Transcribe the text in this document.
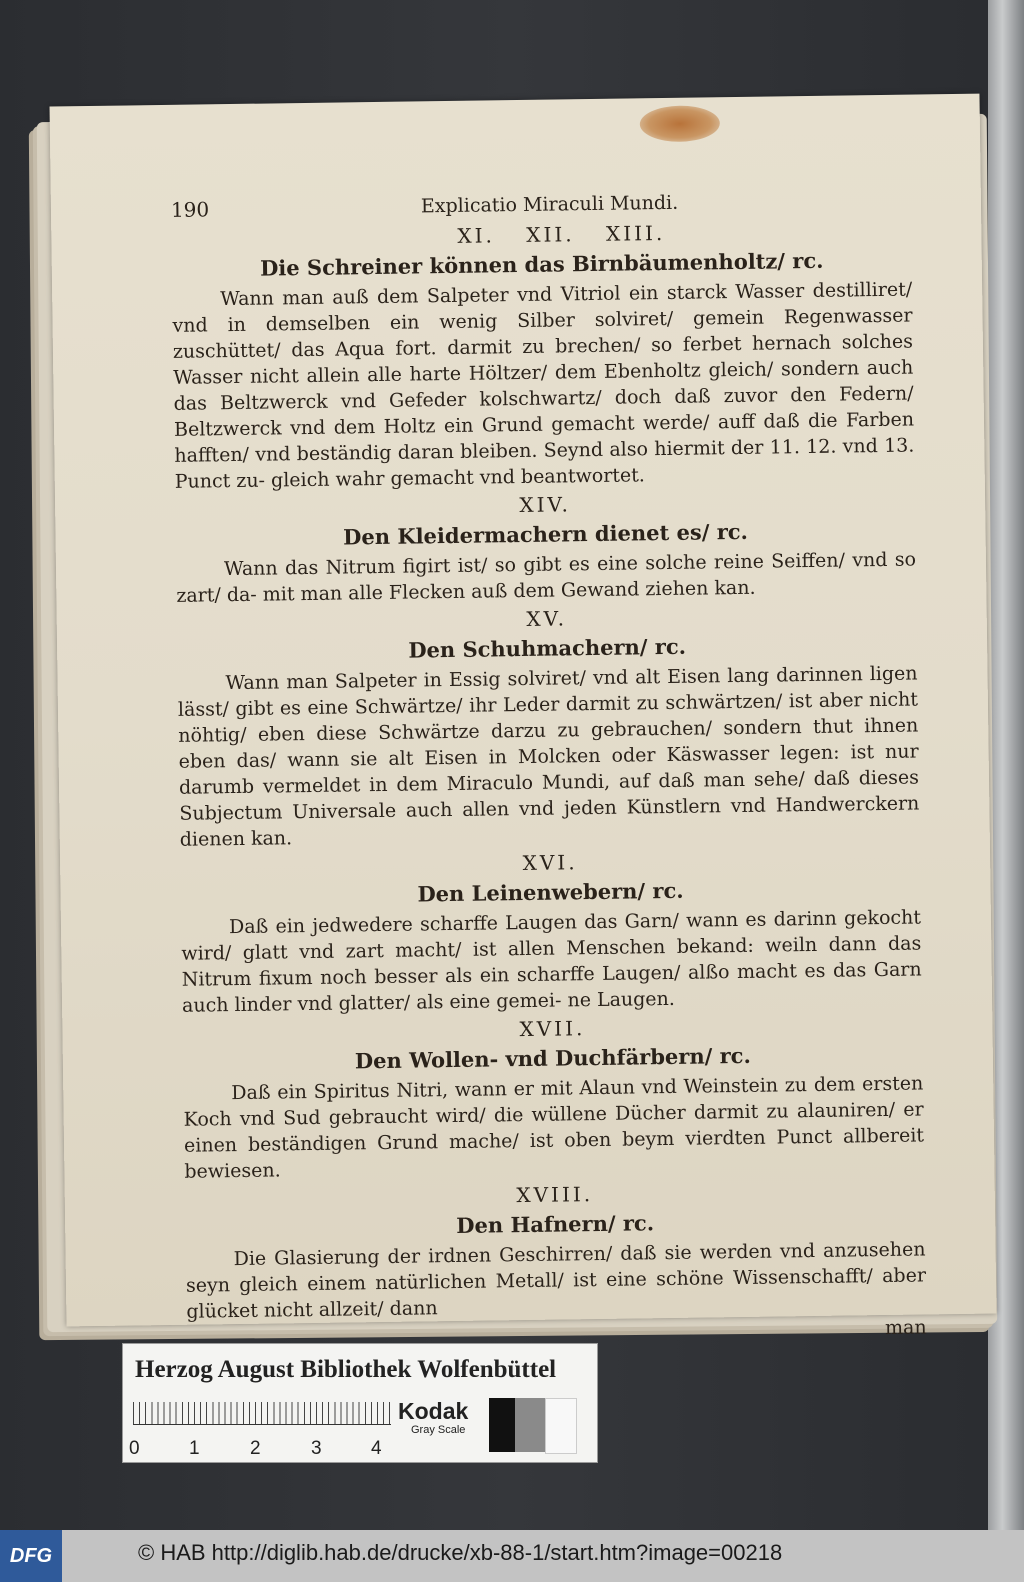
190	Explicatio Miraculi Mundi.
XI. XII. XIII.
Die Schreiner können das Birnbäumenholtz/ rc.

Wann man auß dem Salpeter vnd Vitriol ein starck Wasser destilliret/ vnd in demselben ein wenig Silber solviret/ gemein Regenwasser zuschüttet/ das Aqua fort. darmit zu brechen/ so ferbet hernach solches Wasser nicht allein alle harte Höltzer/ dem Ebenholtz gleich/ sondern auch das Beltzwerck vnd Gefeder kolschwartz/ doch daß zuvor den Federn/ Beltzwerck vnd dem Holtz ein Grund gemacht werde/ auff daß die Farben hafften/ vnd beständig daran bleiben. Seynd also hiermit der 11. 12. vnd 13. Punct zu- gleich wahr gemacht vnd beantwortet.

XIV.
Den Kleidermachern dienet es/ rc.

Wann das Nitrum figirt ist/ so gibt es eine solche reine Seiffen/ vnd so zart/ da- mit man alle Flecken auß dem Gewand ziehen kan.

XV.
Den Schuhmachern/ rc.

Wann man Salpeter in Essig solviret/ vnd alt Eisen lang darinnen ligen lässt/ gibt es eine Schwärtze/ ihr Leder darmit zu schwärtzen/ ist aber nicht nöhtig/ eben diese Schwärtze darzu zu gebrauchen/ sondern thut ihnen eben das/ wann sie alt Eisen in Molcken oder Käswasser legen: ist nur darumb vermeldet in dem Miraculo Mundi, auf daß man sehe/ daß dieses Subjectum Universale auch allen vnd jeden Künstlern vnd Handwerckern dienen kan.

XVI.
Den Leinenwebern/ rc.

Daß ein jedwedere scharffe Laugen das Garn/ wann es darinn gekocht wird/ glatt vnd zart macht/ ist allen Menschen bekand: weiln dann das Nitrum fixum noch besser als ein scharffe Laugen/ alßo macht es das Garn auch linder vnd glatter/ als eine gemei- ne Laugen.

XVII.
Den Wollen- vnd Duchfärbern/ rc.

Daß ein Spiritus Nitri, wann er mit Alaun vnd Weinstein zu dem ersten Koch vnd Sud gebraucht wird/ die wüllene Dücher darmit zu alauniren/ er einen beständigen Grund mache/ ist oben beym vierdten Punct allbereit bewiesen.

XVIII.
Den Hafnern/ rc.

Die Glasierung der irdnen Geschirren/ daß sie werden vnd anzusehen seyn gleich einem natürlichen Metall/ ist eine schöne Wissenschafft/ aber glücket nicht allzeit/ dann

man

Herzog August Bibliothek Wolfenbüttel
0	1	2	3	4
Kodak
Gray Scale
DFG	© HAB http://diglib.hab.de/drucke/xb-88-1/start.htm?image=00218
